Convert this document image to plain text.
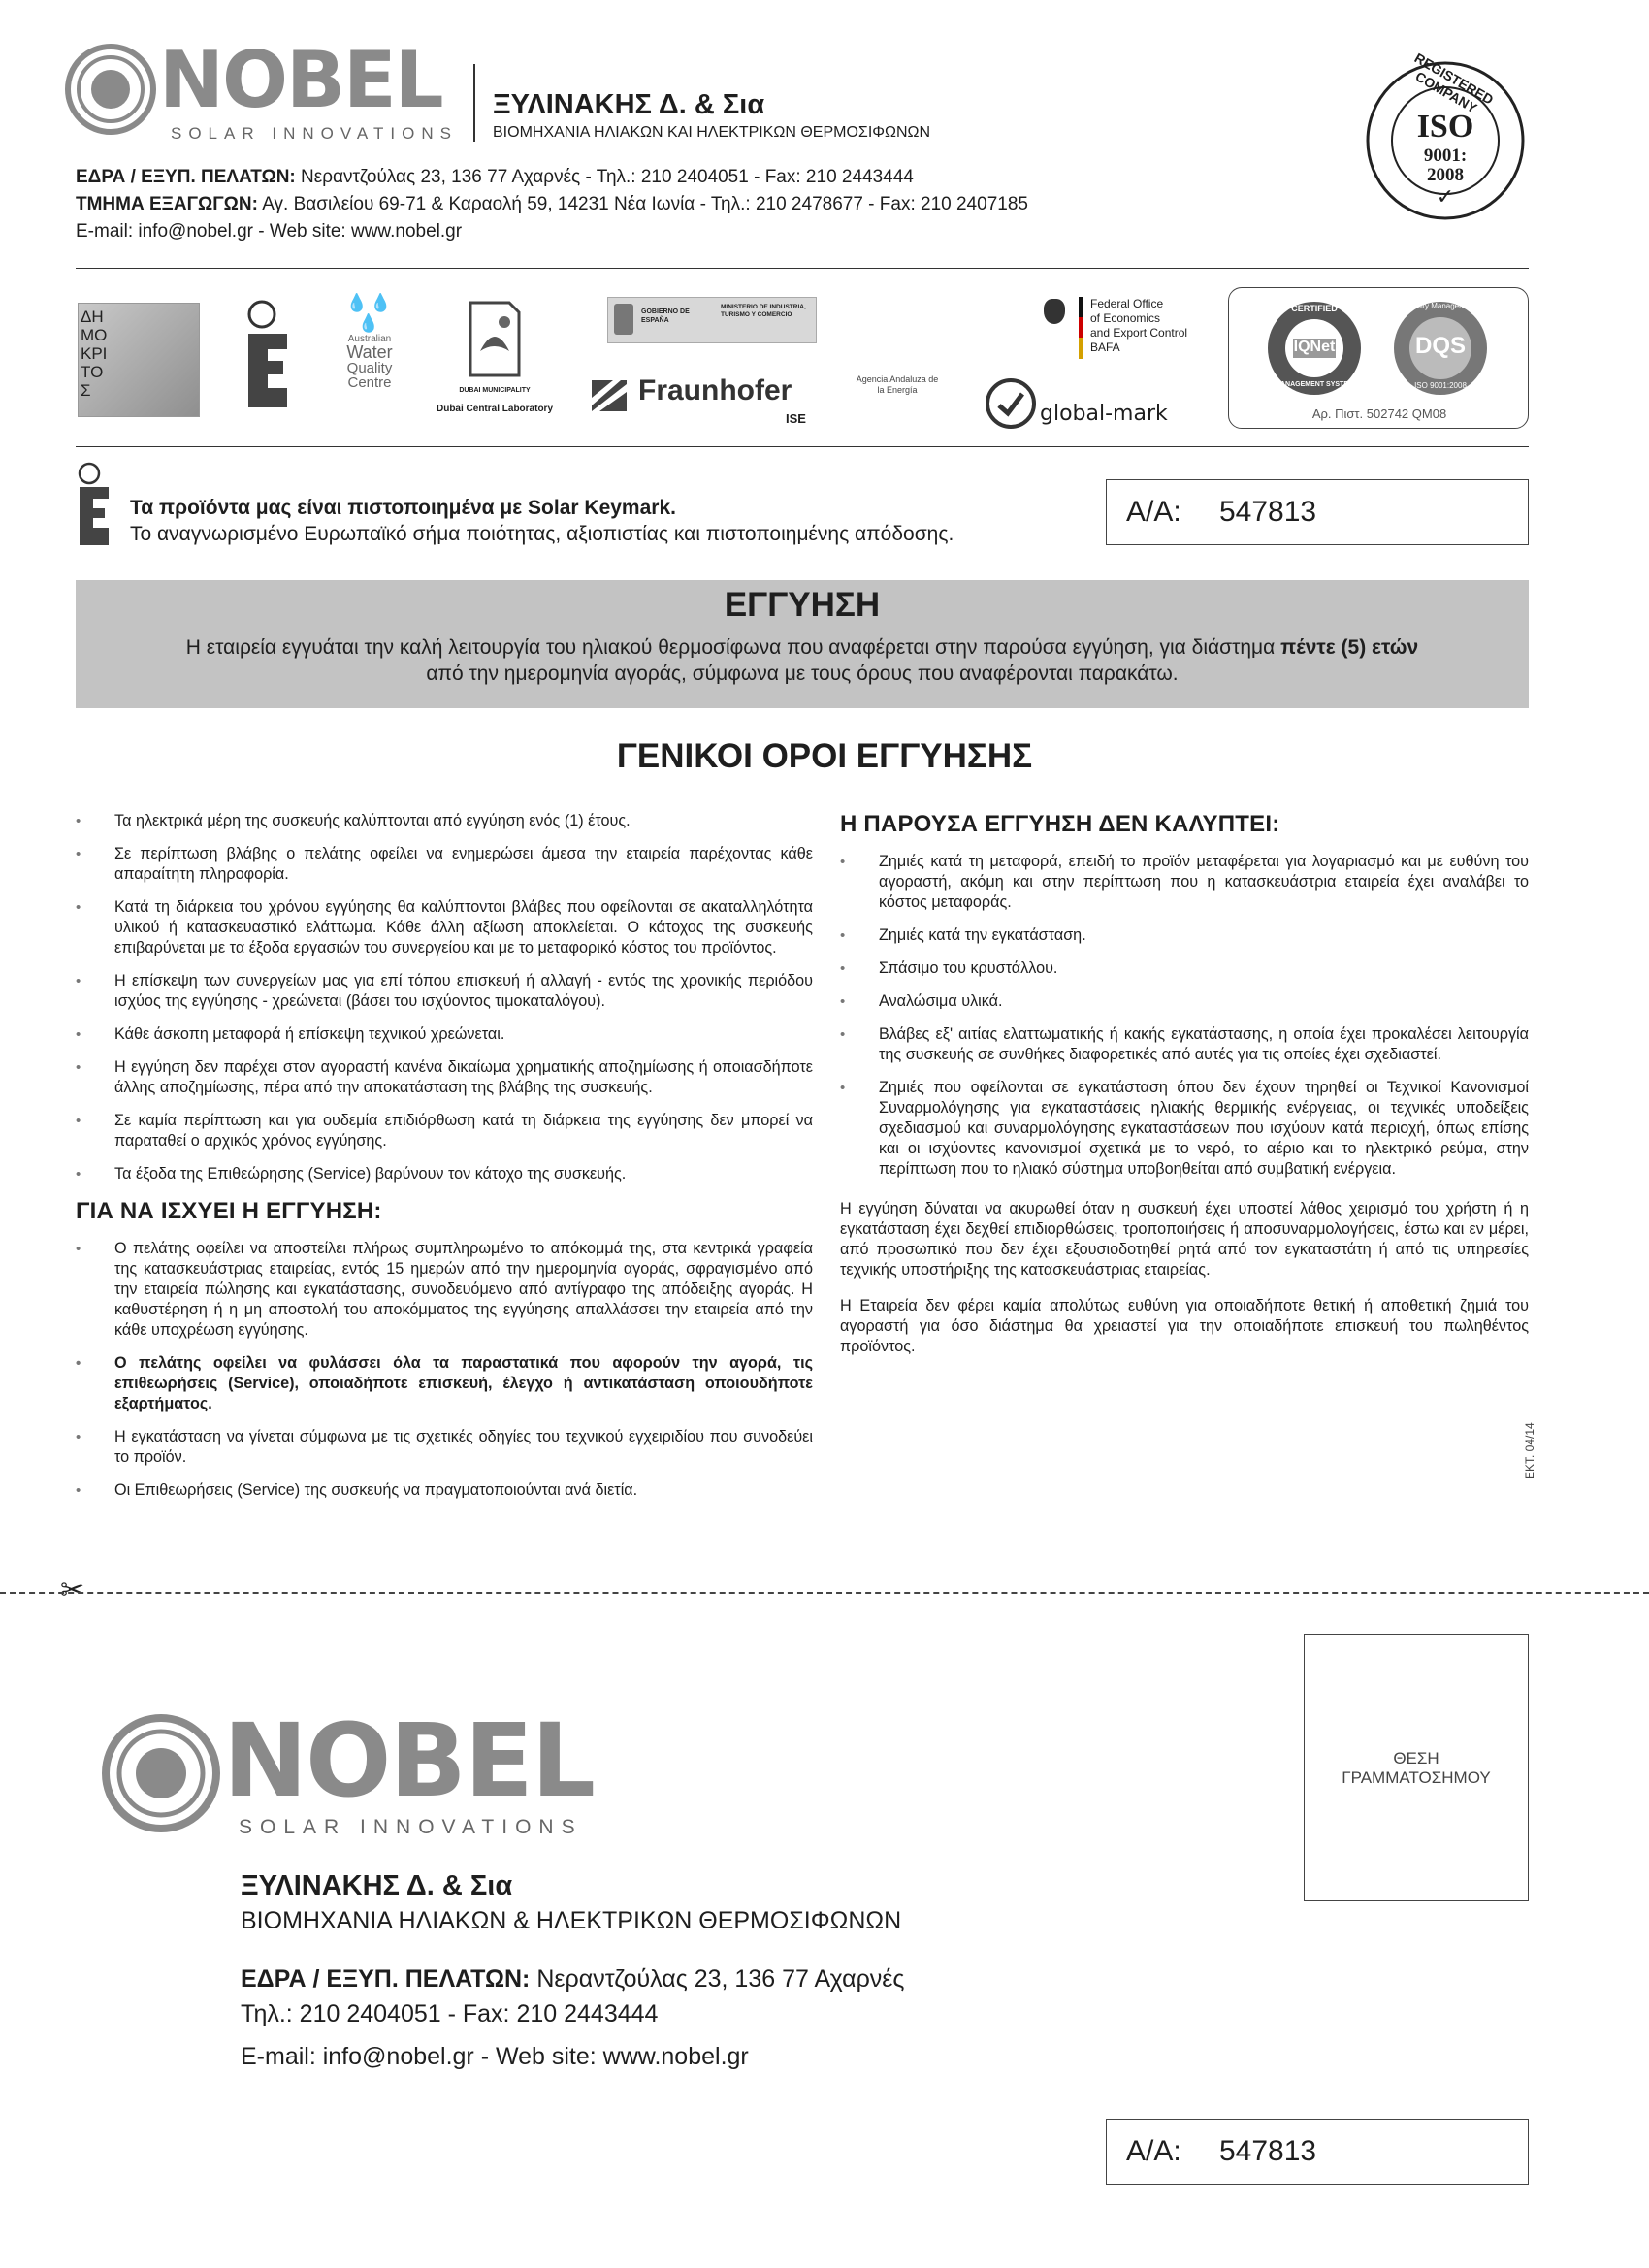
NOBEL
SOLAR INNOVATIONS
ΞΥΛΙΝΑΚΗΣ Δ. & Σια
ΒΙΟΜΗΧΑΝΙΑ ΗΛΙΑΚΩΝ ΚΑΙ ΗΛΕΚΤΡΙΚΩΝ ΘΕΡΜΟΣΙΦΩΝΩΝ
ΕΔΡΑ / ΕΞΥΠ. ΠΕΛΑΤΩΝ: Νεραντζούλας 23, 136 77 Αχαρνές - Τηλ.: 210 2404051 - Fax: 210 2443444
ΤΜΗΜΑ ΕΞΑΓΩΓΩΝ: Αγ. Βασιλείου 69-71 & Καραολή 59, 14231 Νέα Ιωνία - Τηλ.: 210 2478677 - Fax: 210 2407185
E-mail: info@nobel.gr - Web site: www.nobel.gr
REGISTERED COMPANY
ISO
9001:
2008
✓
ΔΗΜΟ ΚΡΙ ΤΟΣ
💧💧💧
Australian
Water
Quality
Centre	DUBAI MUNICIPALITY
Dubai Central Laboratory
GOBIERNO DE ESPAÑA
MINISTERIO DE INDUSTRIA, TURISMO Y COMERCIO
Fraunhofer
ISE
Agencia Andaluza de la Energía
Federal Office
of Economics
and Export Control
BAFA
global-mark
CERTIFIED
IQNet
MANAGEMENT SYSTEM
Quality Management
DQS
ISO 9001:2008
Αρ. Πιστ. 502742 QM08
Τα προϊόντα μας είναι πιστοποιημένα με Solar Keymark.
Το αναγνωρισμένο Ευρωπαϊκό σήμα ποιότητας, αξιοπιστίας και πιστοποιημένης απόδοσης.
Α/Α: 547813
ΕΓΓΥΗΣΗ
Η εταιρεία εγγυάται την καλή λειτουργία του ηλιακού θερμοσίφωνα που αναφέρεται στην παρούσα εγγύηση, για διάστημα πέντε (5) ετών
από την ημερομηνία αγοράς, σύμφωνα με τους όρους που αναφέρονται παρακάτω.
ΓΕΝΙΚΟΙ ΟΡΟΙ ΕΓΓΥΗΣΗΣ
• Τα ηλεκτρικά μέρη της συσκευής καλύπτονται από εγγύηση ενός (1) έτους.
• Σε περίπτωση βλάβης ο πελάτης οφείλει να ενημερώσει άμεσα την εταιρεία παρέχοντας κάθε απαραίτητη πληροφορία.
• Κατά τη διάρκεια του χρόνου εγγύησης θα καλύπτονται βλάβες που οφείλονται σε ακαταλληλότητα υλικού ή κατασκευαστικό ελάττωμα. Κάθε άλλη αξίωση αποκλείεται. Ο κάτοχος της συσκευής επιβαρύνεται με τα έξοδα εργασιών του συνεργείου και με το μεταφορικό κόστος του προϊόντος.
• Η επίσκεψη των συνεργείων μας για επί τόπου επισκευή ή αλλαγή - εντός της χρονικής περιόδου ισχύος της εγγύησης - χρεώνεται (βάσει του ισχύοντος τιμοκαταλόγου).
• Κάθε άσκοπη μεταφορά ή επίσκεψη τεχνικού χρεώνεται.
• Η εγγύηση δεν παρέχει στον αγοραστή κανένα δικαίωμα χρηματικής αποζημίωσης ή οποιασδήποτε άλλης αποζημίωσης, πέρα από την αποκατάσταση της βλάβης της συσκευής.
• Σε καμία περίπτωση και για ουδεμία επιδιόρθωση κατά τη διάρκεια της εγγύησης δεν μπορεί να παραταθεί ο αρχικός χρόνος εγγύησης.
• Τα έξοδα της Επιθεώρησης (Service) βαρύνουν τον κάτοχο της συσκευής.
ΓΙΑ ΝΑ ΙΣΧΥΕΙ Η ΕΓΓΥΗΣΗ:
• Ο πελάτης οφείλει να αποστείλει πλήρως συμπληρωμένο το απόκομμά της, στα κεντρικά γραφεία της κατασκευάστριας εταιρείας, εντός 15 ημερών από την ημερομηνία αγοράς, σφραγισμένο από την εταιρεία πώλησης και εγκατάστασης, συνοδευόμενο από αντίγραφο της απόδειξης αγοράς. Η καθυστέρηση ή η μη αποστολή του αποκόμματος της εγγύησης απαλλάσσει την εταιρεία από την κάθε υποχρέωση εγγύησης.
• Ο πελάτης οφείλει να φυλάσσει όλα τα παραστατικά που αφορούν την αγορά, τις επιθεωρήσεις (Service), οποιαδήποτε επισκευή, έλεγχο ή αντικατάσταση οποιουδήποτε εξαρτήματος.
• Η εγκατάσταση να γίνεται σύμφωνα με τις σχετικές οδηγίες του τεχνικού εγχειριδίου που συνοδεύει το προϊόν.
• Οι Επιθεωρήσεις (Service) της συσκευής να πραγματοποιούνται ανά διετία.
Η ΠΑΡΟΥΣΑ ΕΓΓΥΗΣΗ ΔΕΝ ΚΑΛΥΠΤΕΙ:
• Ζημιές κατά τη μεταφορά, επειδή το προϊόν μεταφέρεται για λογαριασμό και με ευθύνη του αγοραστή, ακόμη και στην περίπτωση που η κατασκευάστρια εταιρεία έχει αναλάβει το κόστος μεταφοράς.
• Ζημιές κατά την εγκατάσταση.
• Σπάσιμο του κρυστάλλου.
• Αναλώσιμα υλικά.
• Βλάβες εξ' αιτίας ελαττωματικής ή κακής εγκατάστασης, η οποία έχει προκαλέσει λειτουργία της συσκευής σε συνθήκες διαφορετικές από αυτές για τις οποίες έχει σχεδιαστεί.
• Ζημιές που οφείλονται σε εγκατάσταση όπου δεν έχουν τηρηθεί οι Τεχνικοί Κανονισμοί Συναρμολόγησης για εγκαταστάσεις ηλιακής θερμικής ενέργειας, οι τεχνικές υποδείξεις σχεδιασμού και συναρμολόγησης εγκαταστάσεων που ισχύουν κατά περιοχή, όπως επίσης και οι ισχύοντες κανονισμοί σχετικά με το νερό, το αέριο και το ηλεκτρικό ρεύμα, στην περίπτωση που το ηλιακό σύστημα υποβοηθείται από συμβατική ενέργεια.

Η εγγύηση δύναται να ακυρωθεί όταν η συσκευή έχει υποστεί λάθος χειρισμό του χρήστη ή η εγκατάσταση έχει δεχθεί επιδιορθώσεις, τροποποιήσεις ή αποσυναρμολογήσεις, έστω και εν μέρει, από προσωπικό που δεν έχει εξουσιοδοτηθεί ρητά από τον εγκαταστάτη ή από τις υπηρεσίες τεχνικής υποστήριξης της κατασκευάστριας εταιρείας.

Η Εταιρεία δεν φέρει καμία απολύτως ευθύνη για οποιαδήποτε θετική ή αποθετική ζημιά του αγοραστή για όσο διάστημα θα χρειαστεί για την οποιαδήποτε επισκευή του πωληθέντος προϊόντος.

ΕΚΤ. 04/14
✂
NOBEL
SOLAR INNOVATIONS
ΞΥΛΙΝΑΚΗΣ Δ. & Σια
ΒΙΟΜΗΧΑΝΙΑ ΗΛΙΑΚΩΝ & ΗΛΕΚΤΡΙΚΩΝ ΘΕΡΜΟΣΙΦΩΝΩΝ
ΕΔΡΑ / ΕΞΥΠ. ΠΕΛΑΤΩΝ: Νεραντζούλας 23, 136 77 Αχαρνές
Τηλ.: 210 2404051 - Fax: 210 2443444
E-mail: info@nobel.gr - Web site: www.nobel.gr
ΘΕΣΗ
ΓΡΑΜΜΑΤΟΣΗΜΟΥ
Α/Α: 547813
